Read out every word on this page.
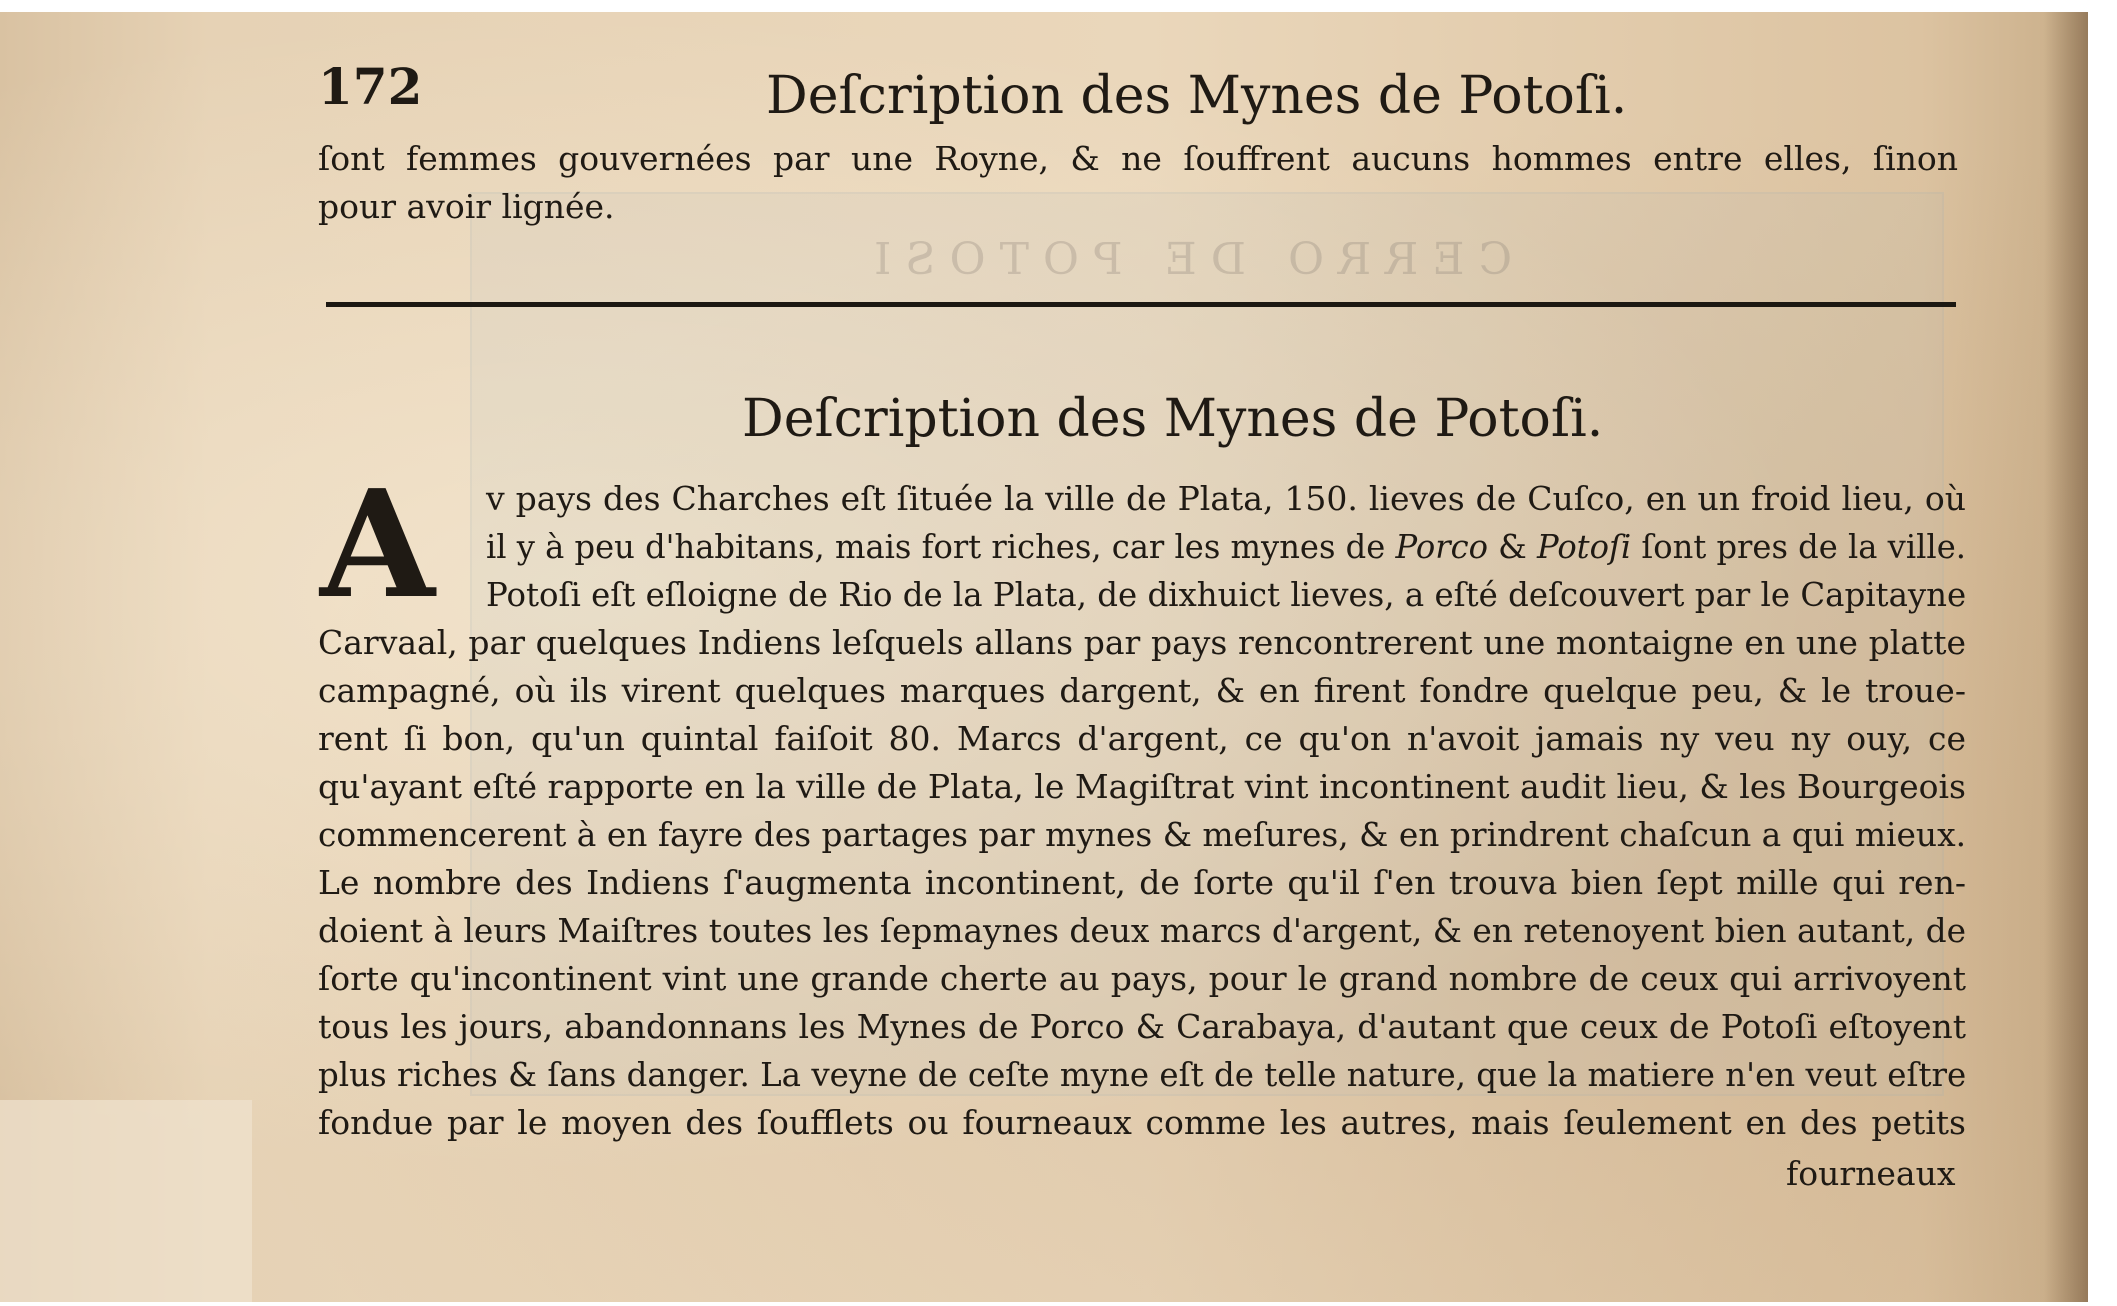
CERRO DE POTOSI
172	Deſcription des Mynes de Potoſi.
ſont femmes gouvernées par une Royne, & ne ſouffrent aucuns hommes entre elles, ſinon
pour avoir lignée.
Deſcription des Mynes de Potoſi.
A v pays des Charches eſt ſituée la ville de Plata, 150. lieves de Cuſco, en un froid lieu, où
il y à peu d'habitans, mais fort riches, car les mynes de Porco & Potoſi ſont pres de la ville.
Potoſi eſt eſloigne de Rio de la Plata, de dixhuict lieves, a eſté deſcouvert par le Capitayne
Carvaal, par quelques Indiens leſquels allans par pays rencontrerent une montaigne en une platte
campagné, où ils virent quelques marques dargent, & en firent fondre quelque peu, & le troue-
rent ſi bon, qu'un quintal faiſoit 80. Marcs d'argent, ce qu'on n'avoit jamais ny veu ny ouy, ce
qu'ayant eſté rapporte en la ville de Plata, le Magiſtrat vint incontinent audit lieu, & les Bourgeois
commencerent à en fayre des partages par mynes & meſures, & en prindrent chaſcun a qui mieux.
Le nombre des Indiens ſ'augmenta incontinent, de ſorte qu'il ſ'en trouva bien ſept mille qui ren-
doient à leurs Maiſtres toutes les ſepmaynes deux marcs d'argent, & en retenoyent bien autant, de
ſorte qu'incontinent vint une grande cherte au pays, pour le grand nombre de ceux qui arrivoyent
tous les jours, abandonnans les Mynes de Porco & Carabaya, d'autant que ceux de Potoſi eſtoyent
plus riches & ſans danger. La veyne de ceſte myne eſt de telle nature, que la matiere n'en veut eſtre
fondue par le moyen des ſoufflets ou fourneaux comme les autres, mais ſeulement en des petits
fourneaux
